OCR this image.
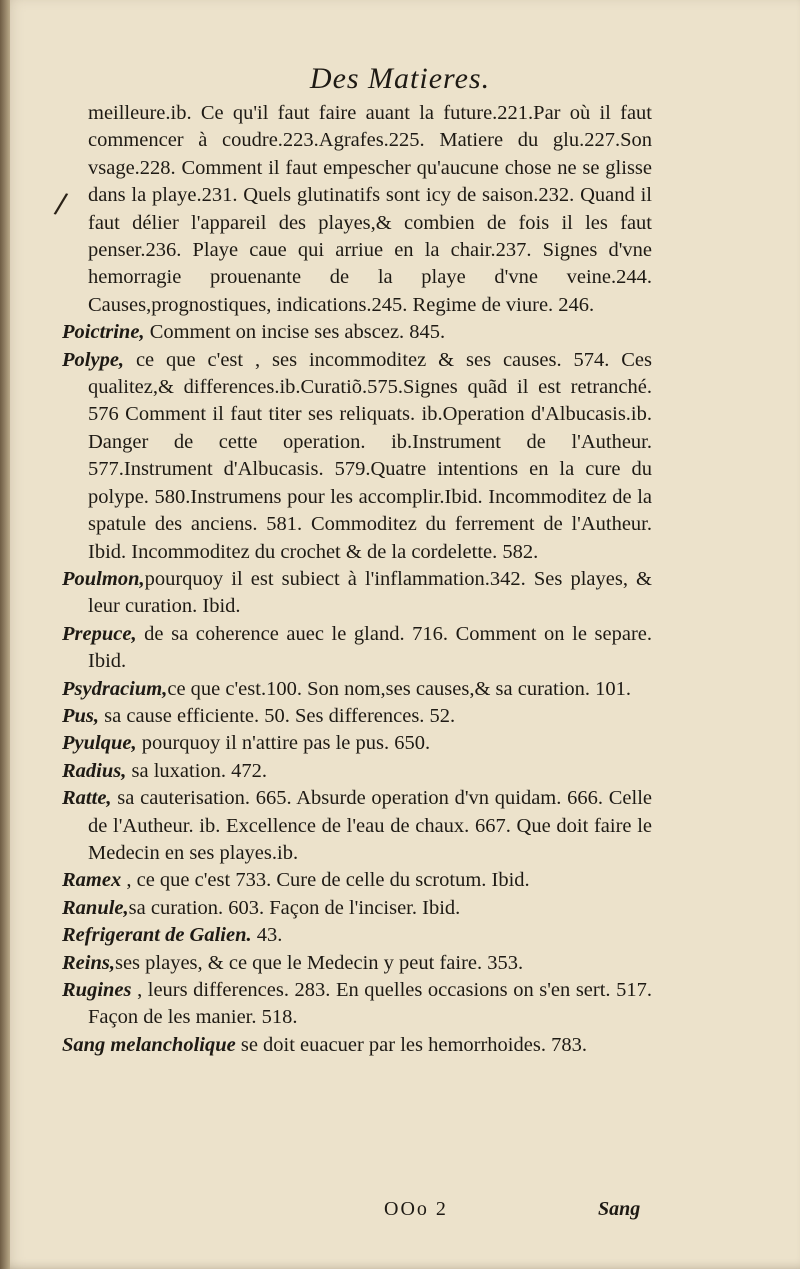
Des Matieres.
/

meilleure.ib. Ce qu'il faut faire auant la future.221.Par où il faut commencer à coudre.223.Agrafes.225. Matiere du glu.227.Son vsage.228. Comment il faut empescher qu'aucune chose ne se glisse dans la playe.231. Quels glutinatifs sont icy de saison.232. Quand il faut délier l'appareil des playes,& combien de fois il les faut penser.236. Playe caue qui arriue en la chair.237. Signes d'vne hemorragie prouenante de la playe d'vne veine.244. Causes,prognostiques, indications.245. Regime de viure. 246.

Poictrine, Comment on incise ses abscez. 845.

Polype, ce que c'est , ses incommoditez & ses causes. 574. Ces qualitez,& differences.ib.Curatiõ.575.Signes quãd il est retranché. 576 Comment il faut titer ses reliquats. ib.Operation d'Albucasis.ib. Danger de cette operation. ib.Instrument de l'Autheur. 577.Instrument d'Albucasis. 579.Quatre intentions en la cure du polype. 580.Instrumens pour les accomplir.Ibid. Incommoditez de la spatule des anciens. 581. Commoditez du ferrement de l'Autheur. Ibid. Incommoditez du crochet & de la cordelette. 582.

Poulmon,pourquoy il est subiect à l'inflammation.342. Ses playes, & leur curation. Ibid.

Prepuce, de sa coherence auec le gland. 716. Comment on le separe. Ibid.

Psydracium,ce que c'est.100. Son nom,ses causes,& sa curation. 101.

Pus, sa cause efficiente. 50. Ses differences. 52.

Pyulque, pourquoy il n'attire pas le pus. 650.

Radius, sa luxation. 472.

Ratte, sa cauterisation. 665. Absurde operation d'vn quidam. 666. Celle de l'Autheur. ib. Excellence de l'eau de chaux. 667. Que doit faire le Medecin en ses playes.ib.

Ramex , ce que c'est 733. Cure de celle du scrotum. Ibid.

Ranule,sa curation. 603. Façon de l'inciser. Ibid.

Refrigerant de Galien. 43.

Reins,ses playes, & ce que le Medecin y peut faire. 353.

Rugines , leurs differences. 283. En quelles occasions on s'en sert. 517. Façon de les manier. 518.

Sang melancholique se doit euacuer par les hemorrhoides. 783.

OOo 2	Sang
